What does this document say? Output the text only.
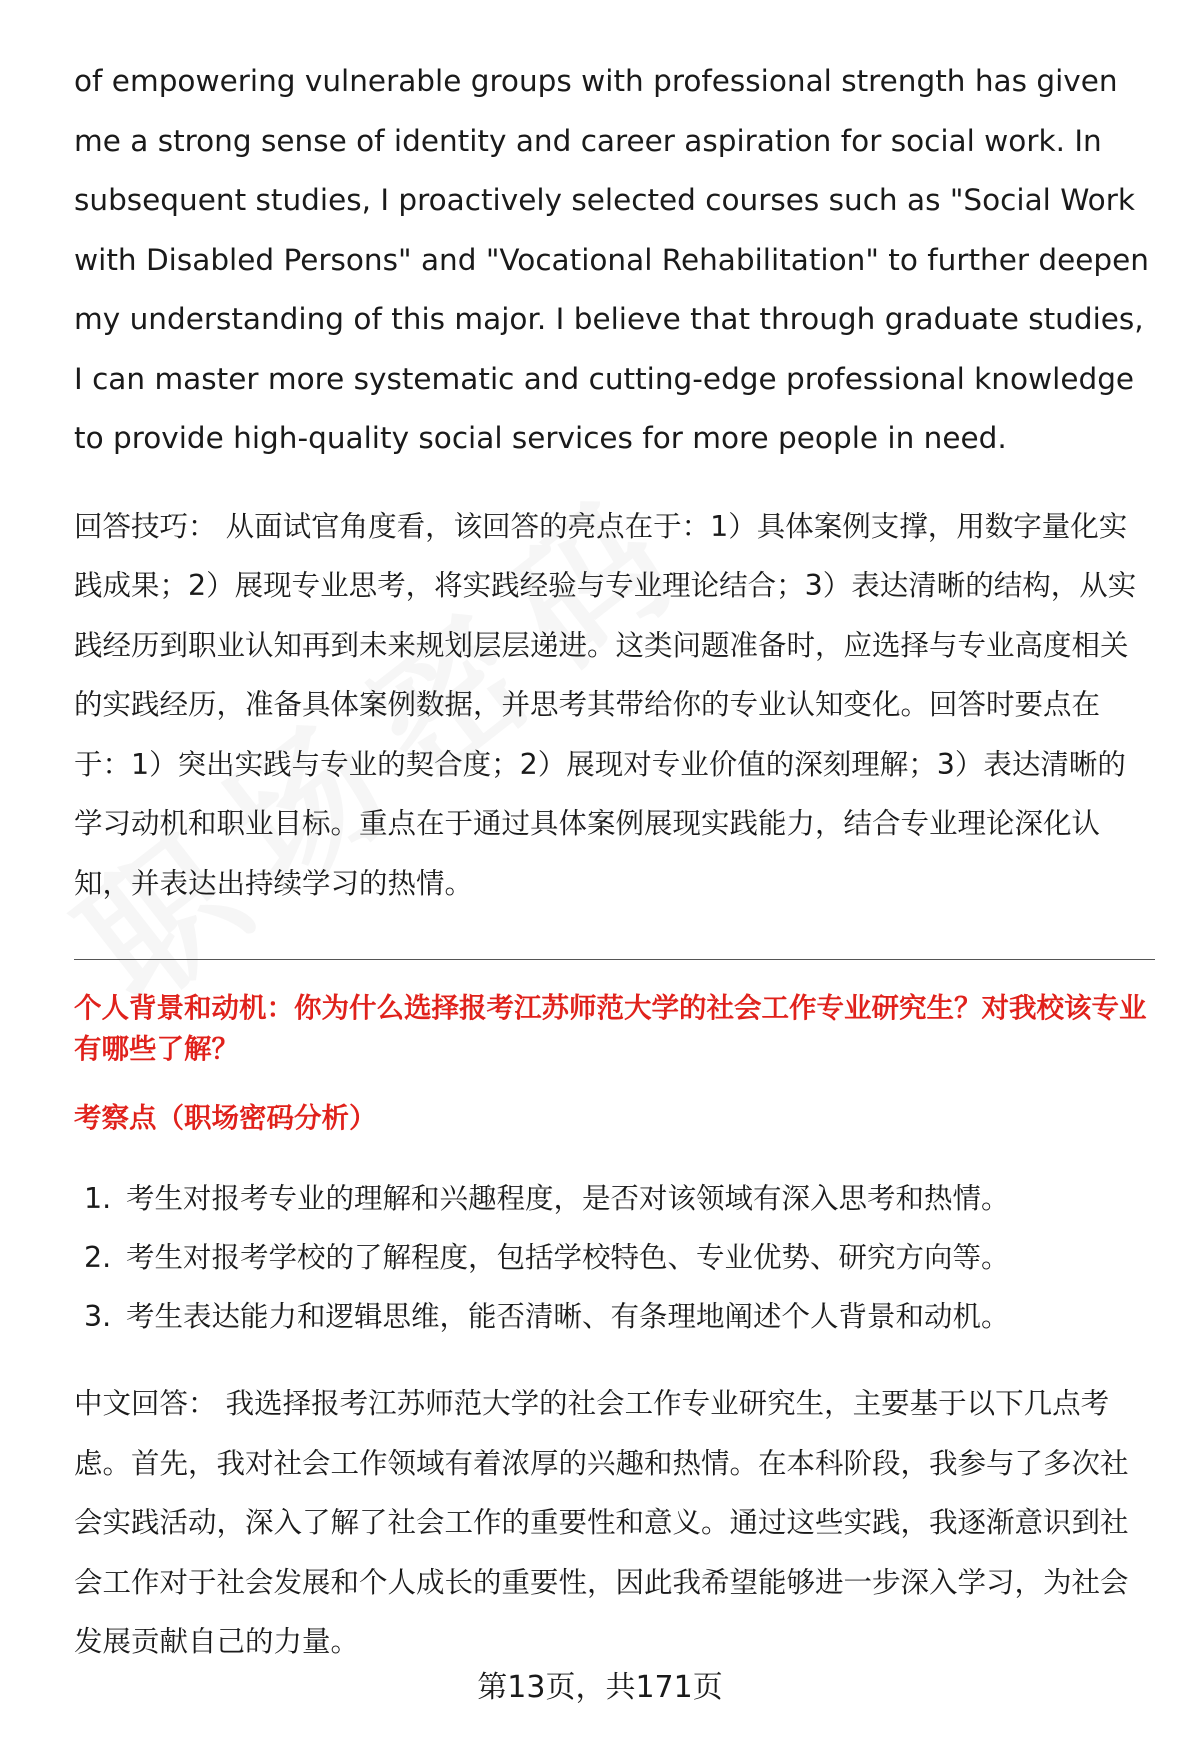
of empowering vulnerable groups with professional strength has given me a strong sense of identity and career aspiration for social work. In subsequent studies, I proactively selected courses such as "Social Work with Disabled Persons" and "Vocational Rehabilitation" to further deepen my understanding of this major. I believe that through graduate studies, I can master more systematic and cutting-edge professional knowledge to provide high-quality social services for more people in need.

回答技巧： 从面试官角度看，该回答的亮点在于：1）具体案例支撑，用数字量化实践成果；2）展现专业思考，将实践经验与专业理论结合；3）表达清晰的结构，从实践经历到职业认知再到未来规划层层递进。这类问题准备时，应选择与专业高度相关的实践经历，准备具体案例数据，并思考其带给你的专业认知变化。回答时要点在于：1）突出实践与专业的契合度；2）展现对专业价值的深刻理解；3）表达清晰的学习动机和职业目标。重点在于通过具体案例展现实践能力，结合专业理论深化认知，并表达出持续学习的热情。

个人背景和动机：你为什么选择报考江苏师范大学的社会工作专业研究生？对我校该专业有哪些了解？
考察点（职场密码分析）
1. 考生对报考专业的理解和兴趣程度，是否对该领域有深入思考和热情。
2. 考生对报考学校的了解程度，包括学校特色、专业优势、研究方向等。
3. 考生表达能力和逻辑思维，能否清晰、有条理地阐述个人背景和动机。

中文回答： 我选择报考江苏师范大学的社会工作专业研究生，主要基于以下几点考虑。首先，我对社会工作领域有着浓厚的兴趣和热情。在本科阶段，我参与了多次社会实践活动，深入了解了社会工作的重要性和意义。通过这些实践，我逐渐意识到社会工作对于社会发展和个人成长的重要性，因此我希望能够进一步深入学习，为社会发展贡献自己的力量。

第13页，共171页
